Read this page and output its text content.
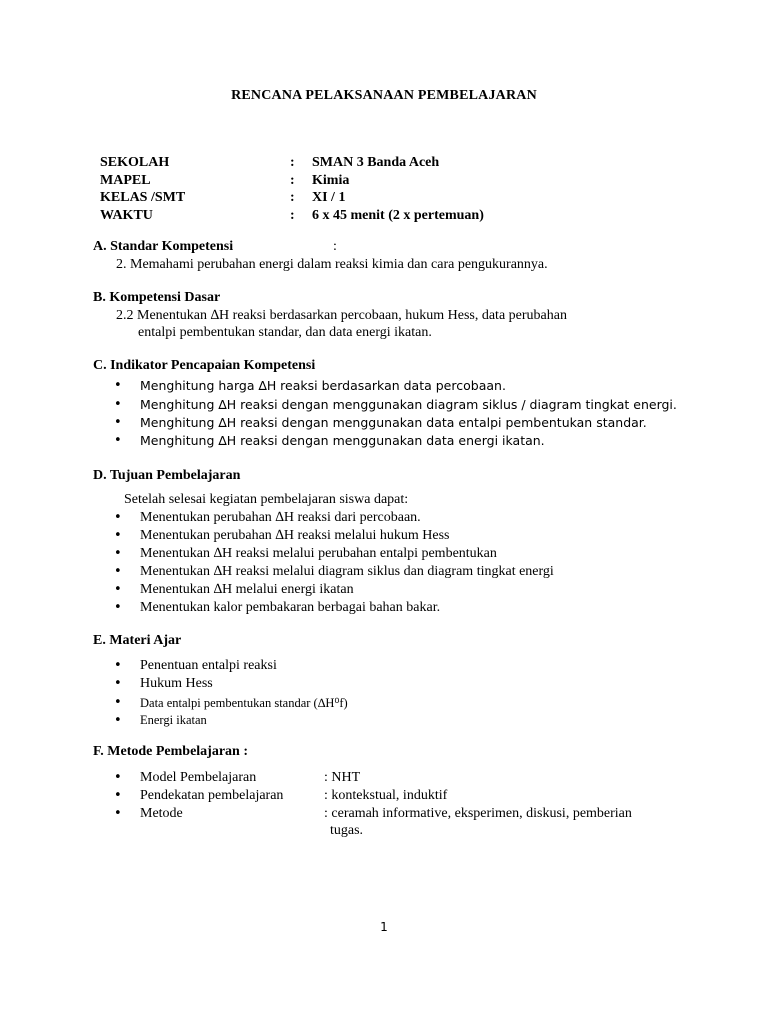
RENCANA PELAKSANAAN PEMBELAJARAN
SEKOLAH	:	SMAN 3 Banda Aceh
MAPEL	:	Kimia
KELAS /SMT	:	XI / 1
WAKTU	:	6 x 45 menit (2 x pertemuan)
A. Standar Kompetensi	:
2. Memahami perubahan energi dalam reaksi kimia dan cara pengukurannya.
B. Kompetensi Dasar
2.2 Menentukan ∆H reaksi berdasarkan percobaan, hukum Hess, data perubahan
entalpi pembentukan standar, dan data energi ikatan.
C. Indikator Pencapaian Kompetensi
Menghitung harga ∆H reaksi berdasarkan data percobaan.
Menghitung ∆H reaksi dengan menggunakan diagram siklus / diagram tingkat energi.
Menghitung ∆H reaksi dengan menggunakan data entalpi pembentukan standar.
Menghitung ∆H reaksi dengan menggunakan data energi ikatan.
D. Tujuan Pembelajaran
Setelah selesai kegiatan pembelajaran siswa dapat:
Menentukan perubahan ∆H reaksi dari percobaan.
Menentukan perubahan ∆H reaksi melalui hukum Hess
Menentukan ∆H reaksi melalui perubahan entalpi pembentukan
Menentukan ∆H reaksi melalui diagram siklus dan diagram tingkat energi
Menentukan ∆H melalui energi ikatan
Menentukan kalor pembakaran berbagai bahan bakar.
E. Materi Ajar
Penentuan entalpi reaksi
Hukum Hess
Data entalpi pembentukan standar (∆H⁰f)
Energi ikatan
F. Metode Pembelajaran :
Model Pembelajaran	: NHT
Pendekatan pembelajaran	: kontekstual, induktif
Metode	: ceramah informative, eksperimen, diskusi, pemberian
tugas.
1
